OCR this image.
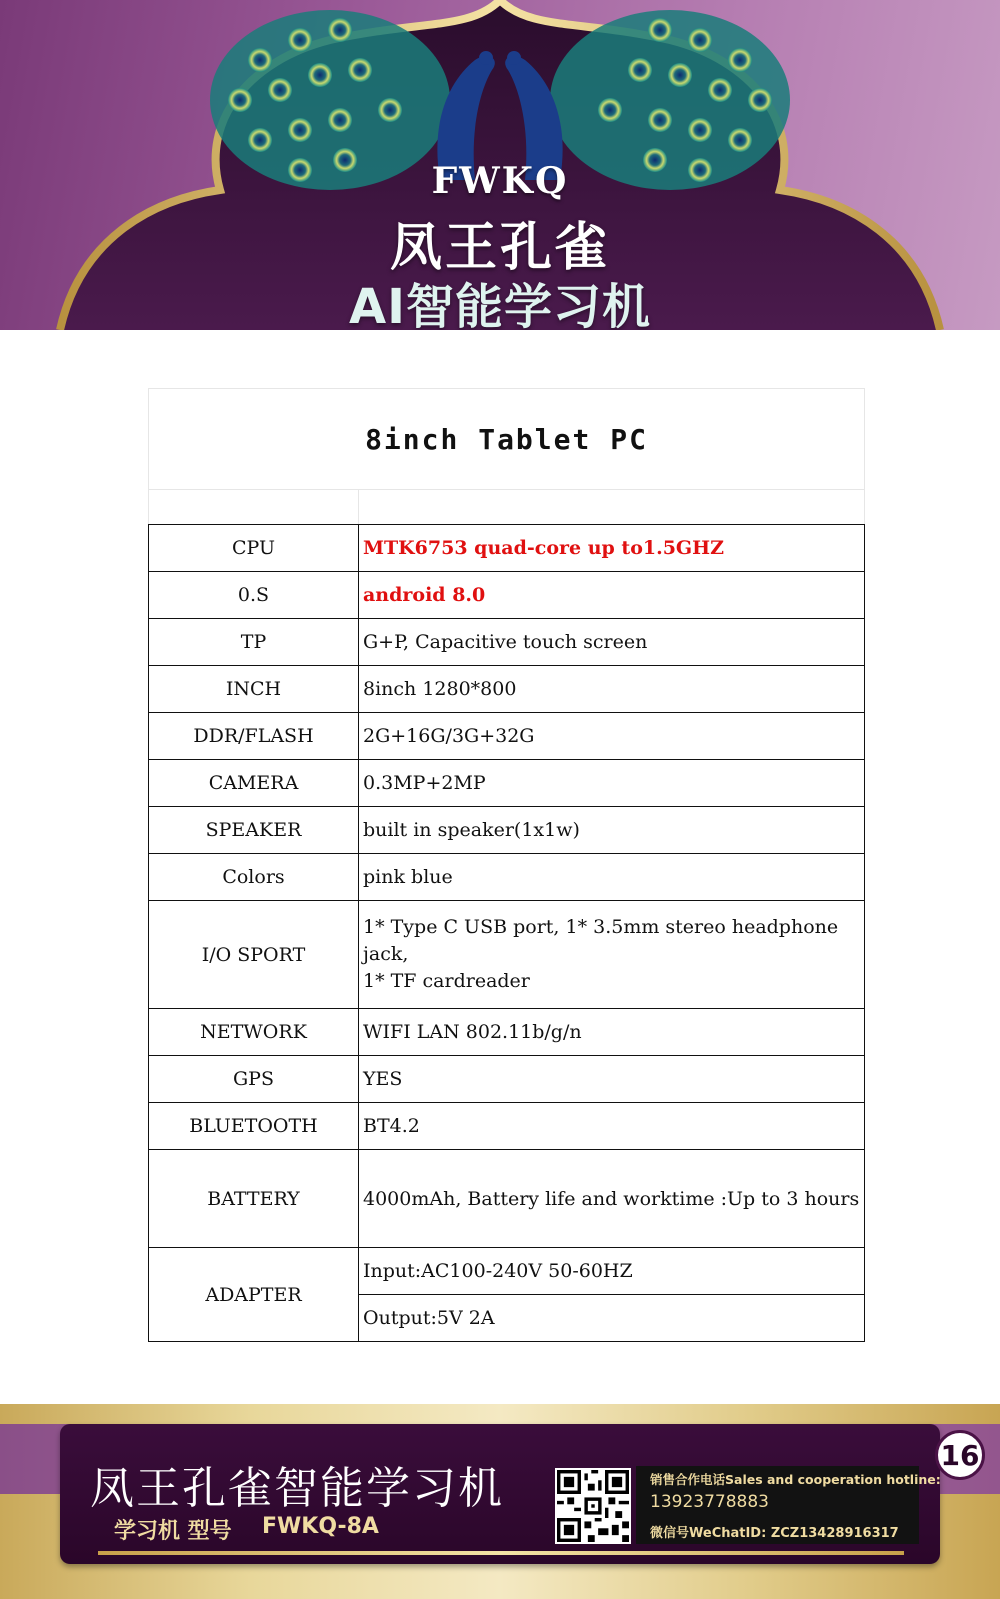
FWKQ
凤王孔雀
AI智能学习机
8inch Tablet PC
CPU	MTK6753 quad-core up to1.5GHZ
0.S	android 8.0
TP	G+P, Capacitive touch screen
INCH	8inch 1280*800
DDR/FLASH	2G+16G/3G+32G
CAMERA	0.3MP+2MP
SPEAKER	built in speaker(1x1w)
Colors	pink blue
I/O SPORT	1* Type C USB port, 1* 3.5mm stereo headphone jack,
1* TF cardreader

NETWORK	WIFI LAN 802.11b/g/n
GPS	YES
BLUETOOTH	BT4.2
BATTERY	4000mAh, Battery life and worktime :Up to 3 hours
ADAPTER	Input:AC100-240V 50-60HZ
	Output:5V 2A
凤王孔雀智能学习机
学习机 型号 FWKQ-8A
销售合作电话Sales and cooperation hotline:
13923778883
微信号WeChatID: ZCZ13428916317
16
